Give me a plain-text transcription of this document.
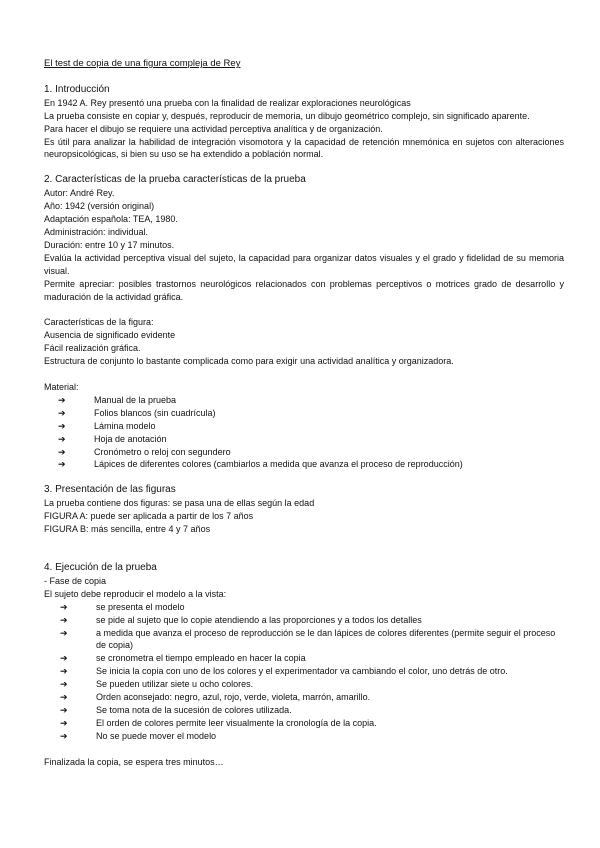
El test de copia de una figura compleja de Rey
1. Introducción

En 1942 A. Rey presentó una prueba con la finalidad de realizar exploraciones neurológicas

La prueba consiste en copiar y, después, reproducir de memoria, un dibujo geométrico complejo, sin significado aparente.

Para hacer el dibujo se requiere una actividad perceptiva analítica y de organización.

Es útil para analizar la habilidad de integración visomotora y la capacidad de retención mnemónica en sujetos con alteraciones neuropsicológicas, si bien su uso se ha extendido a población normal.

2. Características de la prueba características de la prueba

Autor: André Rey.

Año: 1942 (versión original)

Adaptación española: TEA, 1980.

Administración: individual.

Duración: entre 10 y 17 minutos.

Evalúa la actividad perceptiva visual del sujeto, la capacidad para organizar datos visuales y el grado y fidelidad de su memoria visual.

Permite apreciar: posibles trastornos neurológicos relacionados con problemas perceptivos o motrices grado de desarrollo y maduración de la actividad gráfica.

Características de la figura:

Ausencia de significado evidente

Fácil realización gráfica.

Estructura de conjunto lo bastante complicada como para exigir una actividad analítica y organizadora.

Material:

➔	Manual de la prueba
➔	Folios blancos (sin cuadrícula)
➔	Lámina modelo
➔	Hoja de anotación
➔	Cronómetro o reloj con segundero
➔	Lápices de diferentes colores (cambiarlos a medida que avanza el proceso de reproducción)
3. Presentación de las figuras

La prueba contiene dos figuras: se pasa una de ellas según la edad

FIGURA A: puede ser aplicada a partir de los 7 años

FIGURA B: más sencilla, entre 4 y 7 años

4. Ejecución de la prueba

- Fase de copia

El sujeto debe reproducir el modelo a la vista:

➔	se presenta el modelo
➔	se pide al sujeto que lo copie atendiendo a las proporciones y a todos los detalles
➔	a medida que avanza el proceso de reproducción se le dan lápices de colores diferentes (permite seguir el proceso de copia)
➔	se cronometra el tiempo empleado en hacer la copia
➔	Se inicia la copia con uno de los colores y el experimentador va cambiando el color, uno detrás de otro.
➔	Se pueden utilizar siete u ocho colores.
➔	Orden aconsejado: negro, azul, rojo, verde, violeta, marrón, amarillo.
➔	Se toma nota de la sucesión de colores utilizada.
➔	El orden de colores permite leer visualmente la cronología de la copia.
➔	No se puede mover el modelo

Finalizada la copia, se espera tres minutos…
